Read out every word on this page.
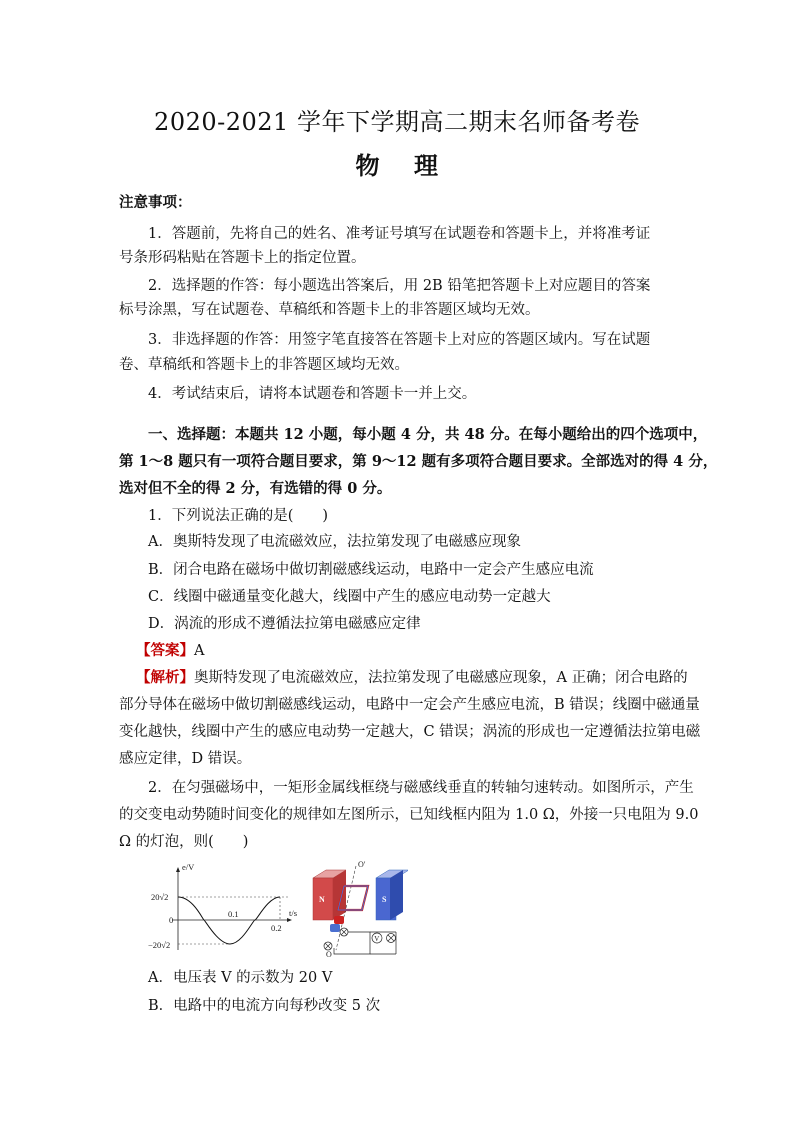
2020-2021 学年下学期高二期末名师备考卷
物 理
注意事项：
1．答题前，先将自己的姓名、准考证号填写在试题卷和答题卡上，并将准考证
号条形码粘贴在答题卡上的指定位置。
2．选择题的作答：每小题选出答案后，用 2B 铅笔把答题卡上对应题目的答案
标号涂黑，写在试题卷、草稿纸和答题卡上的非答题区域均无效。
3．非选择题的作答：用签字笔直接答在答题卡上对应的答题区域内。写在试题
卷、草稿纸和答题卡上的非答题区域均无效。
4．考试结束后，请将本试题卷和答题卡一并上交。
一、选择题：本题共 12 小题，每小题 4 分，共 48 分。在每小题给出的四个选项中，
第 1～8 题只有一项符合题目要求，第 9～12 题有多项符合题目要求。全部选对的得 4 分，
选对但不全的得 2 分，有选错的得 0 分。
1．下列说法正确的是(　　)
A．奥斯特发现了电流磁效应，法拉第发现了电磁感应现象
B．闭合电路在磁场中做切割磁感线运动，电路中一定会产生感应电流
C．线圈中磁通量变化越大，线圈中产生的感应电动势一定越大
D．涡流的形成不遵循法拉第电磁感应定律
【答案】A
【解析】奥斯特发现了电流磁效应，法拉第发现了电磁感应现象，A 正确；闭合电路的
部分导体在磁场中做切割磁感线运动，电路中一定会产生感应电流，B 错误；线圈中磁通量
变化越快，线圈中产生的感应电动势一定越大，C 错误；涡流的形成也一定遵循法拉第电磁
感应定律，D 错误。
2．在匀强磁场中，一矩形金属线框绕与磁感线垂直的转轴匀速转动。如图所示，产生
的交变电动势随时间变化的规律如左图所示，已知线框内阻为 1.0 Ω，外接一只电阻为 9.0
Ω 的灯泡，则(　　)
e/V
t/s
20√2
0
−20√2
0.1
0.2
N	S
O′
O
V
A．电压表 V 的示数为 20 V
B．电路中的电流方向每秒改变 5 次
